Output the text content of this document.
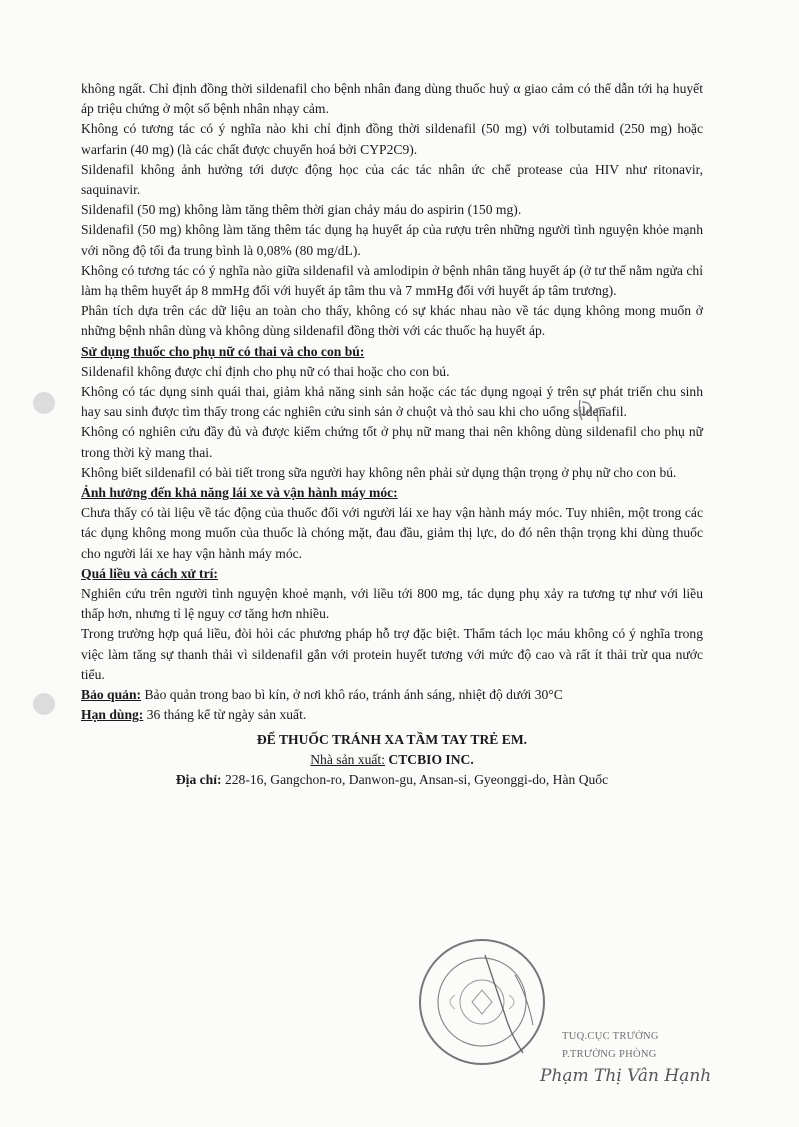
không ngất. Chỉ định đồng thời sildenafil cho bệnh nhân đang dùng thuốc huỷ α giao cảm có thể dẫn tới hạ huyết áp triệu chứng ở một số bệnh nhân nhạy cảm.

Không có tương tác có ý nghĩa nào khi chỉ định đồng thời sildenafil (50 mg) với tolbutamid (250 mg) hoặc warfarin (40 mg) (là các chất được chuyển hoá bởi CYP2C9).

Sildenafil không ảnh hưởng tới dược động học của các tác nhân ức chế protease của HIV như ritonavir, saquinavir.

Sildenafil (50 mg) không làm tăng thêm thời gian chảy máu do aspirin (150 mg).

Sildenafil (50 mg) không làm tăng thêm tác dụng hạ huyết áp của rượu trên những người tình nguyện khỏe mạnh với nồng độ tối đa trung bình là 0,08% (80 mg/dL).

Không có tương tác có ý nghĩa nào giữa sildenafil và amlodipin ở bệnh nhân tăng huyết áp (ở tư thế nằm ngửa chỉ làm hạ thêm huyết áp 8 mmHg đối với huyết áp tâm thu và 7 mmHg đối với huyết áp tâm trương).

Phân tích dựa trên các dữ liệu an toàn cho thấy, không có sự khác nhau nào về tác dụng không mong muốn ở những bệnh nhân dùng và không dùng sildenafil đồng thời với các thuốc hạ huyết áp.

Sử dụng thuốc cho phụ nữ có thai và cho con bú:

Sildenafil không được chỉ định cho phụ nữ có thai hoặc cho con bú.

Không có tác dụng sinh quái thai, giảm khả năng sinh sản hoặc các tác dụng ngoại ý trên sự phát triển chu sinh hay sau sinh được tìm thấy trong các nghiên cứu sinh sản ở chuột và thỏ sau khi cho uống sildenafil.

Không có nghiên cứu đầy đủ và được kiểm chứng tốt ở phụ nữ mang thai nên không dùng sildenafil cho phụ nữ trong thời kỳ mang thai.

Không biết sildenafil có bài tiết trong sữa người hay không nên phải sử dụng thận trọng ở phụ nữ cho con bú.

Ảnh hưởng đến khả năng lái xe và vận hành máy móc:

Chưa thấy có tài liệu về tác động của thuốc đối với người lái xe hay vận hành máy móc. Tuy nhiên, một trong các tác dụng không mong muốn của thuốc là chóng mặt, đau đầu, giảm thị lực, do đó nên thận trọng khi dùng thuốc cho người lái xe hay vận hành máy móc.

Quá liều và cách xử trí:

Nghiên cứu trên người tình nguyện khoẻ mạnh, với liều tới 800 mg, tác dụng phụ xảy ra tương tự như với liều thấp hơn, nhưng tỉ lệ nguy cơ tăng hơn nhiều.

Trong trường hợp quá liều, đòi hỏi các phương pháp hỗ trợ đặc biệt. Thẩm tách lọc máu không có ý nghĩa trong việc làm tăng sự thanh thải vì sildenafil gắn với protein huyết tương với mức độ cao và rất ít thải trừ qua nước tiểu.

Bảo quản: Bảo quản trong bao bì kín, ở nơi khô ráo, tránh ánh sáng, nhiệt độ dưới 30°C

Hạn dùng: 36 tháng kể từ ngày sản xuất.

ĐỂ THUỐC TRÁNH XA TẦM TAY TRẺ EM.

Nhà sản xuất: CTCBIO INC.

Địa chỉ: 228-16, Gangchon-ro, Danwon-gu, Ansan-si, Gyeonggi-do, Hàn Quốc

TUQ.CỤC TRƯỞNG
P.TRƯỞNG PHÒNG
Phạm Thị Vân Hạnh
